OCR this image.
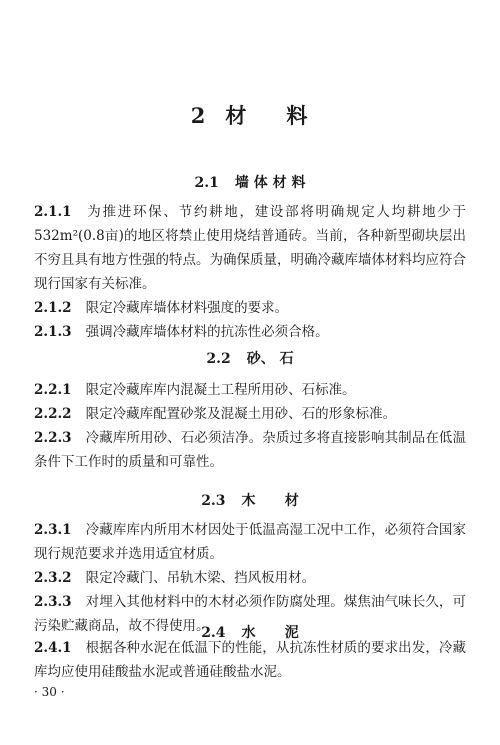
2 材 料
2.1 墙 体 材 料
2.1.1 为推进环保、节约耕地，建设部将明确规定人均耕地少于532m²(0.8亩)的地区将禁止使用烧结普通砖。当前，各种新型砌块层出不穷且具有地方性强的特点。为确保质量，明确冷藏库墙体材料均应符合现行国家有关标准。
2.1.2 限定冷藏库墙体材料强度的要求。
2.1.3 强调冷藏库墙体材料的抗冻性必须合格。
2.2 砂、 石
2.2.1 限定冷藏库库内混凝土工程所用砂、石标准。
2.2.2 限定冷藏库配置砂浆及混凝土用砂、石的形象标准。
2.2.3 冷藏库所用砂、石必须洁净。杂质过多将直接影响其制品在低温条件下工作时的质量和可靠性。
2.3 木      材
2.3.1 冷藏库库内所用木材因处于低温高湿工况中工作，必须符合国家现行规范要求并选用适宜材质。
2.3.2 限定冷藏门、吊轨木梁、挡风板用材。
2.3.3 对埋入其他材料中的木材必须作防腐处理。煤焦油气味长久，可污染贮藏商品，故不得使用。
2.4 水      泥
2.4.1 根据各种水泥在低温下的性能，从抗冻性材质的要求出发，冷藏库均应使用硅酸盐水泥或普通硅酸盐水泥。
· 30 ·
